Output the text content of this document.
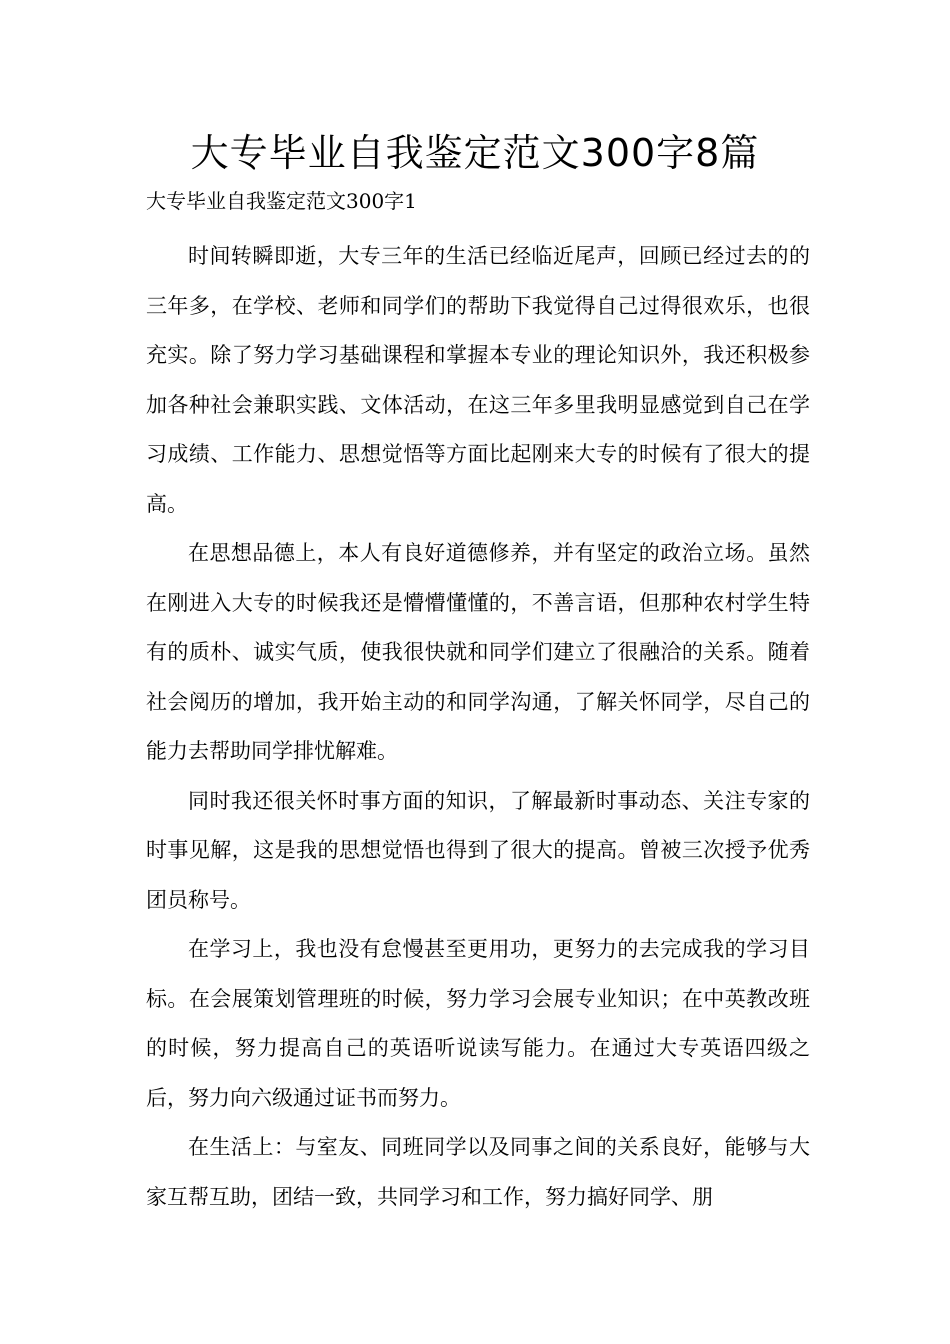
大专毕业自我鉴定范文300字8篇
大专毕业自我鉴定范文300字1

时间转瞬即逝，大专三年的生活已经临近尾声，回顾已经过去的的三年多，在学校、老师和同学们的帮助下我觉得自己过得很欢乐，也很充实。除了努力学习基础课程和掌握本专业的理论知识外，我还积极参加各种社会兼职实践、文体活动，在这三年多里我明显感觉到自己在学习成绩、工作能力、思想觉悟等方面比起刚来大专的时候有了很大的提高。

在思想品德上，本人有良好道德修养，并有坚定的政治立场。虽然在刚进入大专的时候我还是懵懵懂懂的，不善言语，但那种农村学生特有的质朴、诚实气质，使我很快就和同学们建立了很融洽的关系。随着社会阅历的增加，我开始主动的和同学沟通，了解关怀同学，尽自己的能力去帮助同学排忧解难。

同时我还很关怀时事方面的知识，了解最新时事动态、关注专家的时事见解，这是我的思想觉悟也得到了很大的提高。曾被三次授予优秀团员称号。

在学习上，我也没有怠慢甚至更用功，更努力的去完成我的学习目标。在会展策划管理班的时候，努力学习会展专业知识；在中英教改班的时候，努力提高自己的英语听说读写能力。在通过大专英语四级之后，努力向六级通过证书而努力。

在生活上：与室友、同班同学以及同事之间的关系良好，能够与大家互帮互助，团结一致，共同学习和工作，努力搞好同学、朋
